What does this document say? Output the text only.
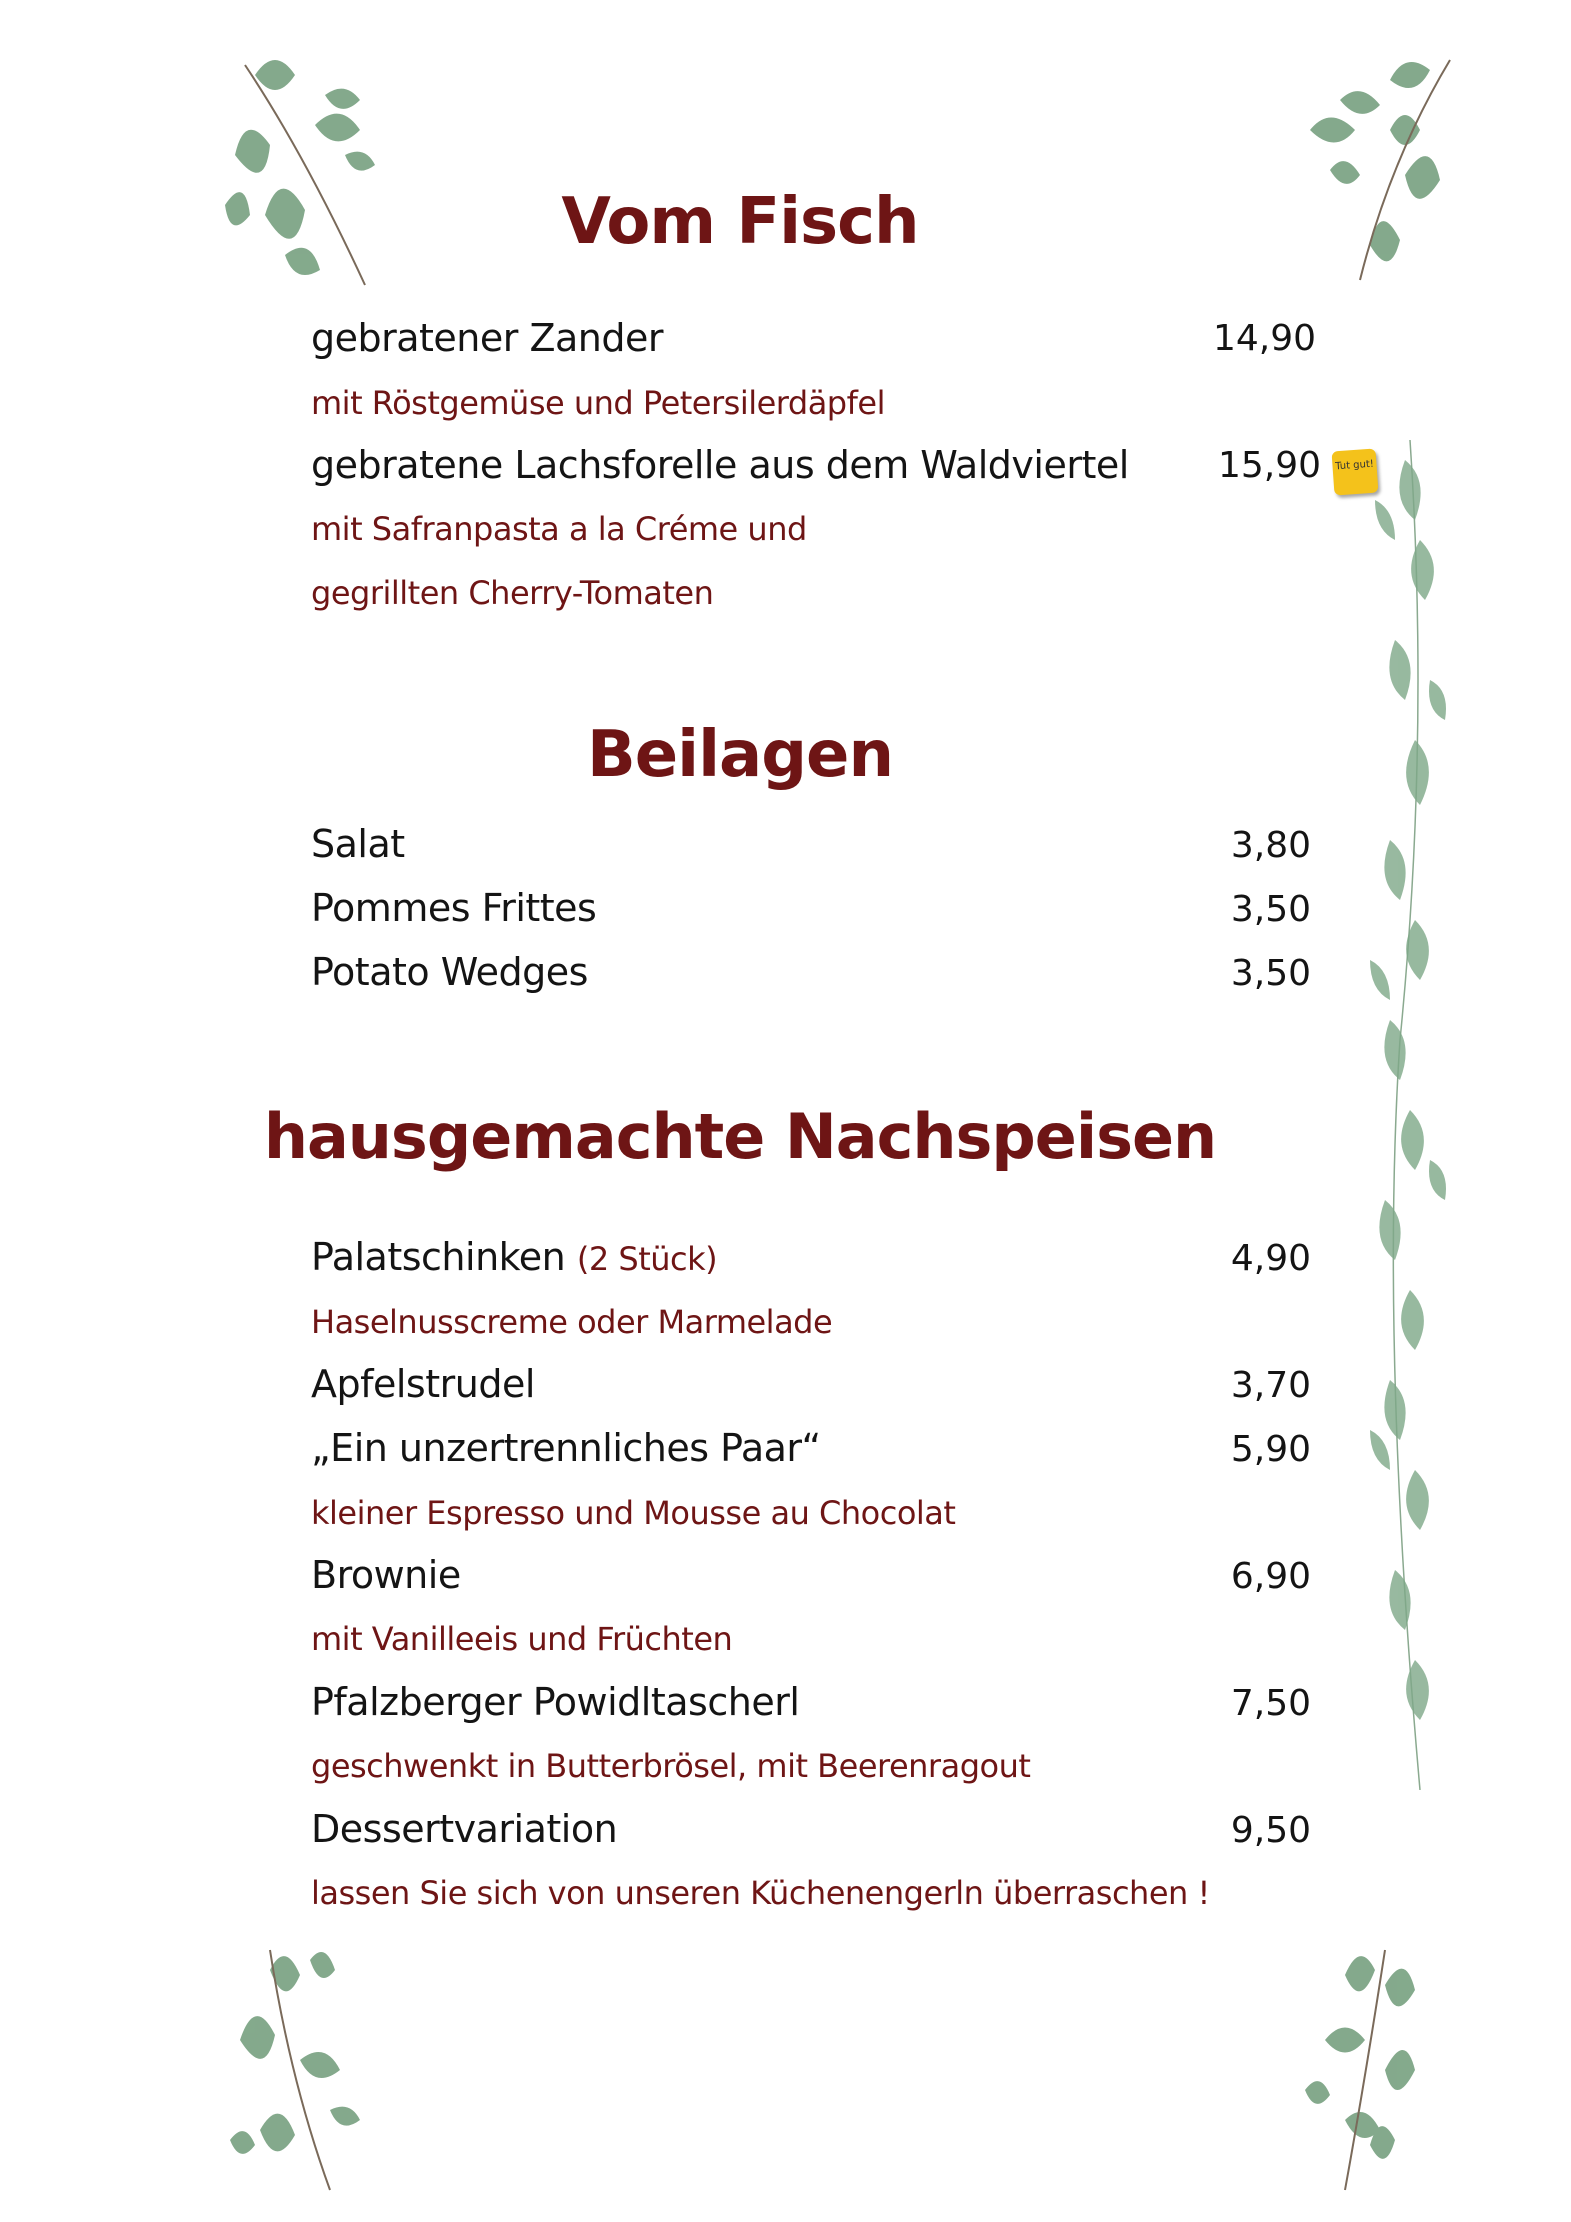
Vom Fisch
gebratener Zander	14,90
mit Röstgemüse und Petersilerdäpfel
gebratene Lachsforelle aus dem Waldviertel 15,90	Tut gut!
mit Safranpasta a la Créme und
gegrillten Cherry-Tomaten
Beilagen
Salat	3,80
Pommes Frittes	3,50
Potato Wedges	3,50
hausgemachte Nachspeisen
Palatschinken (2 Stück)	4,90
Haselnusscreme oder Marmelade
Apfelstrudel	3,70
„Ein unzertrennliches Paar“	5,90
kleiner Espresso und Mousse au Chocolat
Brownie	6,90
mit Vanilleeis und Früchten
Pfalzberger Powidltascherl	7,50
geschwenkt in Butterbrösel, mit Beerenragout
Dessertvariation	9,50
lassen Sie sich von unseren Küchenengerln überraschen !
